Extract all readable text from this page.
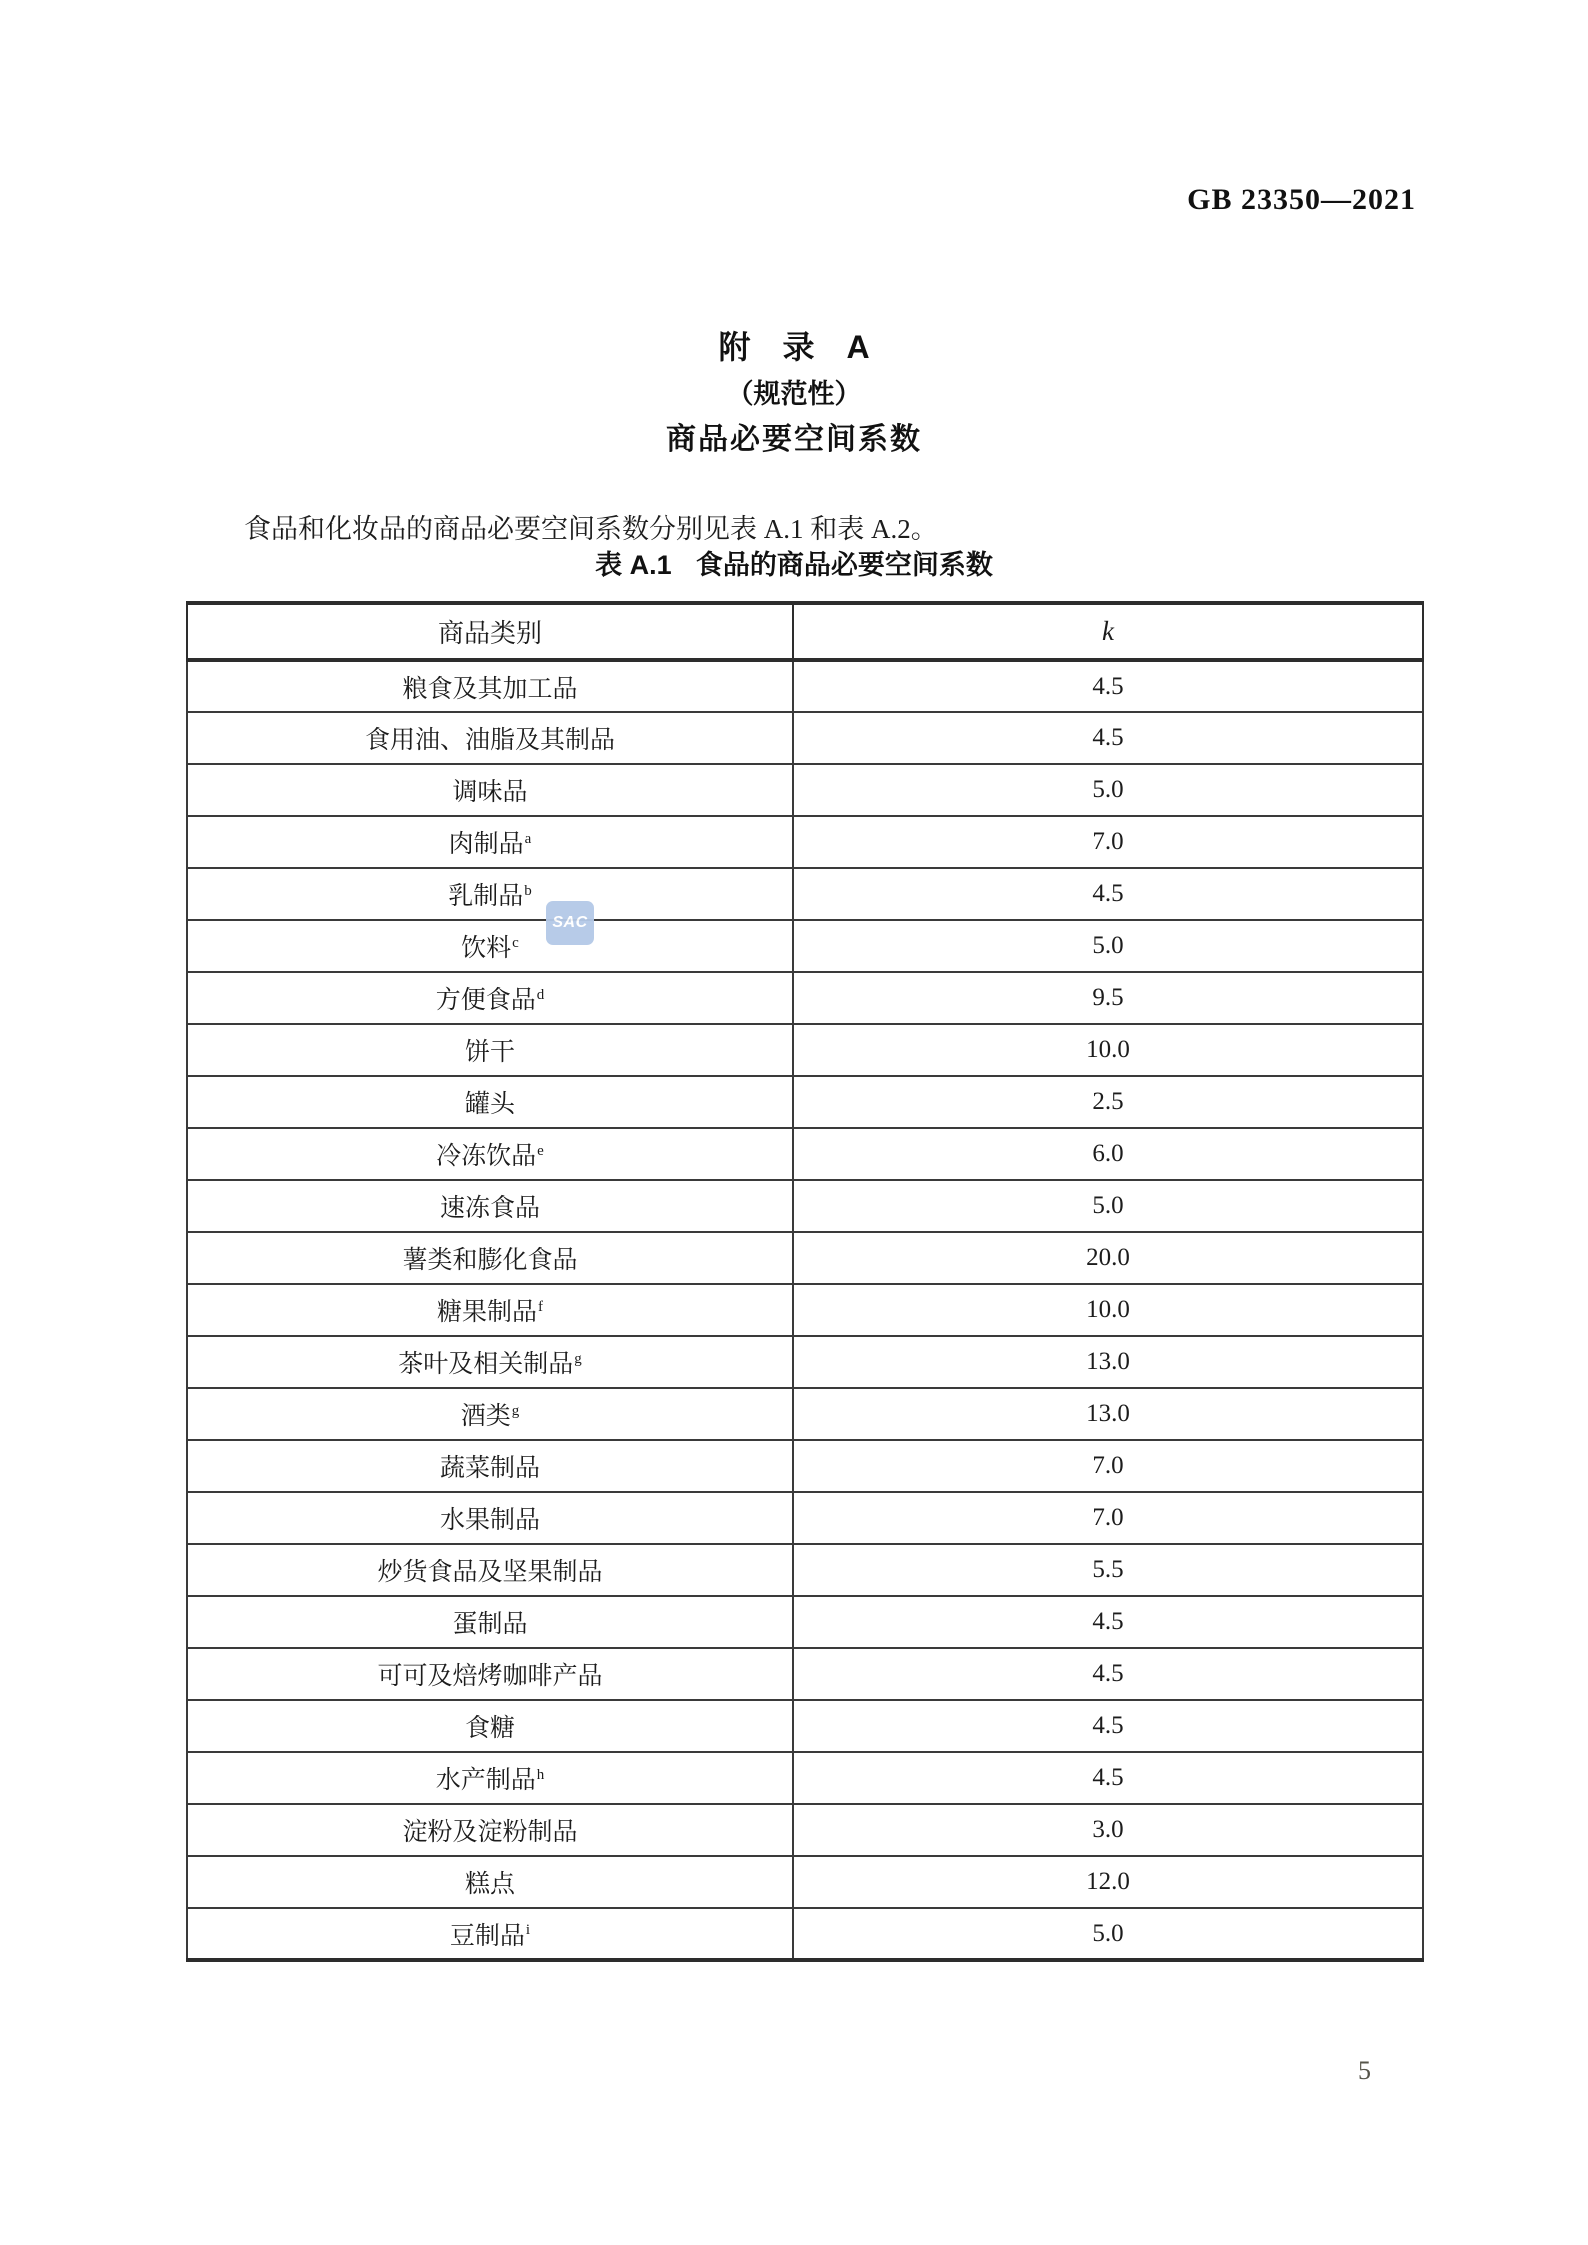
GB 23350—2021
附　录　A
（规范性）
商品必要空间系数
食品和化妆品的商品必要空间系数分别见表 A.1 和表 A.2。
表 A.1 食品的商品必要空间系数
商品类别	k
粮食及其加工品	4.5
食用油、油脂及其制品	4.5
调味品	5.0
肉制品$^a$	7.0
乳制品$^b$	4.5
饮料$^c$	5.0
方便食品$^d$	9.5
饼干	10.0
罐头	2.5
冷冻饮品$^e$	6.0
速冻食品	5.0
薯类和膨化食品	20.0
糖果制品$^f$	10.0
茶叶及相关制品$^g$	13.0
酒类$^g$	13.0
蔬菜制品	7.0
水果制品	7.0
炒货食品及坚果制品	5.5
蛋制品	4.5
可可及焙烤咖啡产品	4.5
食糖	4.5
水产制品$^h$	4.5
淀粉及淀粉制品	3.0
糕点	12.0
豆制品$^i$	5.0
SAC
5
